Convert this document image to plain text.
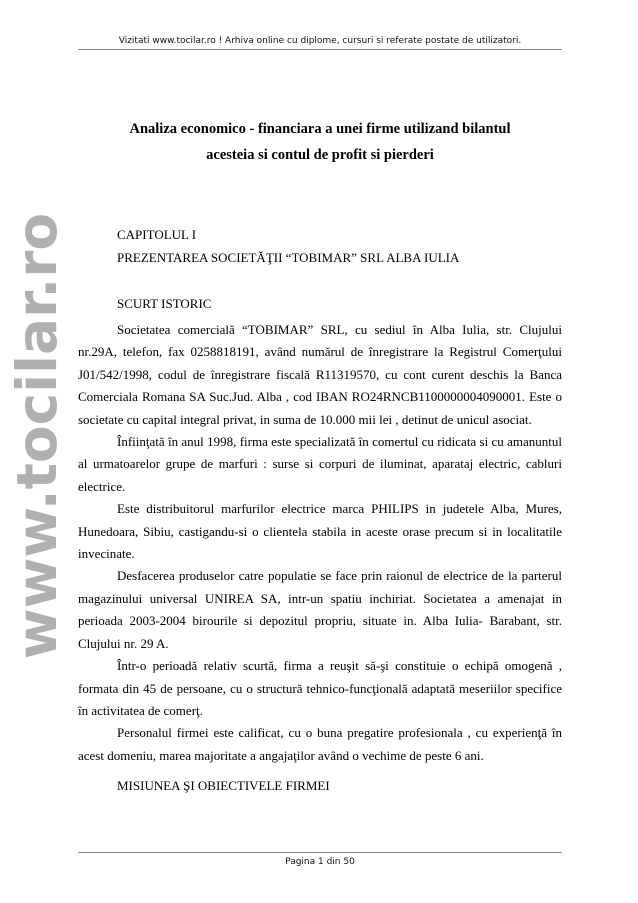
Vizitati www.tocilar.ro ! Arhiva online cu diplome, cursuri si referate postate de utilizatori.
www.tocilar.ro
Analiza economico - financiara a unei firme utilizand bilantul
acesteia si contul de profit si pierderi
CAPITOLUL I
PREZENTAREA SOCIETĂŢII “TOBIMAR” SRL ALBA IULIA
SCURT ISTORIC

Societatea comercială “TOBIMAR” SRL, cu sediul în Alba Iulia, str. Clujului nr.29A, telefon, fax 0258818191, având numărul de înregistrare la Registrul Comerţului J01/542/1998, codul de înregistrare fiscală R11319570, cu cont curent deschis la Banca Comerciala Romana SA Suc.Jud. Alba , cod IBAN RO24RNCB1100000004090001. Este o societate cu capital integral privat, in suma de 10.000 mii lei , detinut de unicul asociat.

Înfiinţată în anul 1998, firma este specializată în comertul cu ridicata si cu amanuntul al urmatoarelor grupe de marfuri : surse si corpuri de iluminat, aparataj electric, cabluri electrice.

Este distribuitorul marfurilor electrice marca PHILIPS in judetele Alba, Mures, Hunedoara, Sibiu, castigandu-si o clientela stabila in aceste orase precum si in localitatile invecinate.

Desfacerea produselor catre populatie se face prin raionul de electrice de la parterul magazinului universal UNIREA SA, intr-un spatiu inchiriat. Societatea a amenajat in perioada 2003-2004 birourile si depozitul propriu, situate in. Alba Iulia- Barabant, str. Clujului nr. 29 A.

Într-o perioadă relativ scurtă, firma a reuşit să-şi constituie o echipă omogenă , formata din 45 de persoane, cu o structură tehnico-funcţională adaptată meseriilor specifice în activitatea de comerţ.

Personalul firmei este calificat, cu o buna pregatire profesionala , cu experienţă în acest domeniu, marea majoritate a angajaţilor având o vechime de peste 6 ani.

MISIUNEA ŞI OBIECTIVELE FIRMEI
Pagina 1 din 50
